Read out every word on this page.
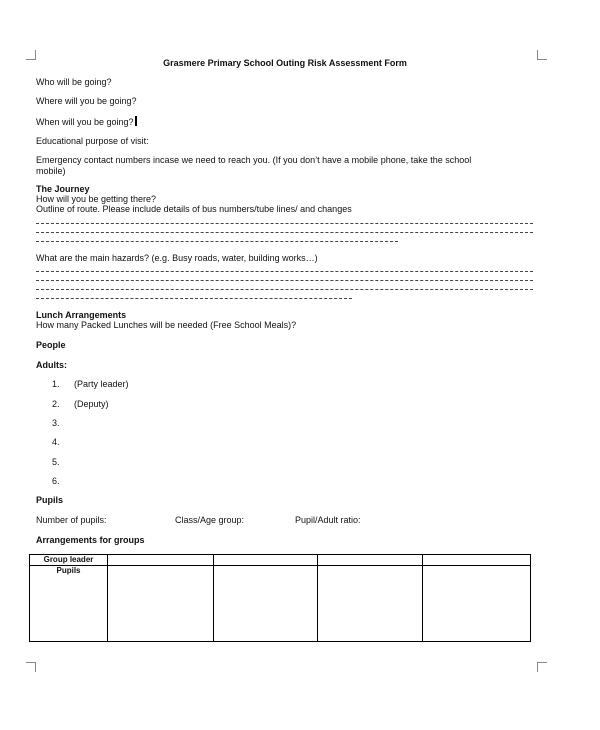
Grasmere Primary School Outing Risk Assessment Form
Who will be going?
Where will you be going?
When will you be going?
Educational purpose of visit:
Emergency contact numbers incase we need to reach you. (If you don’t have a mobile phone, take the school
mobile)
The Journey
How will you be getting there?
Outline of route. Please include details of bus numbers/tube lines/ and changes
What are the main hazards? (e.g. Busy roads, water, building works…)
Lunch Arrangements
How many Packed Lunches will be needed (Free School Meals)?
People
Adults:
1. (Party leader)
2. (Deputy)
3.
4.
5.
6.
Pupils
Number of pupils:	Class/Age group:	Pupil/Adult ratio:
Arrangements for groups
Group leader				
Pupils				
